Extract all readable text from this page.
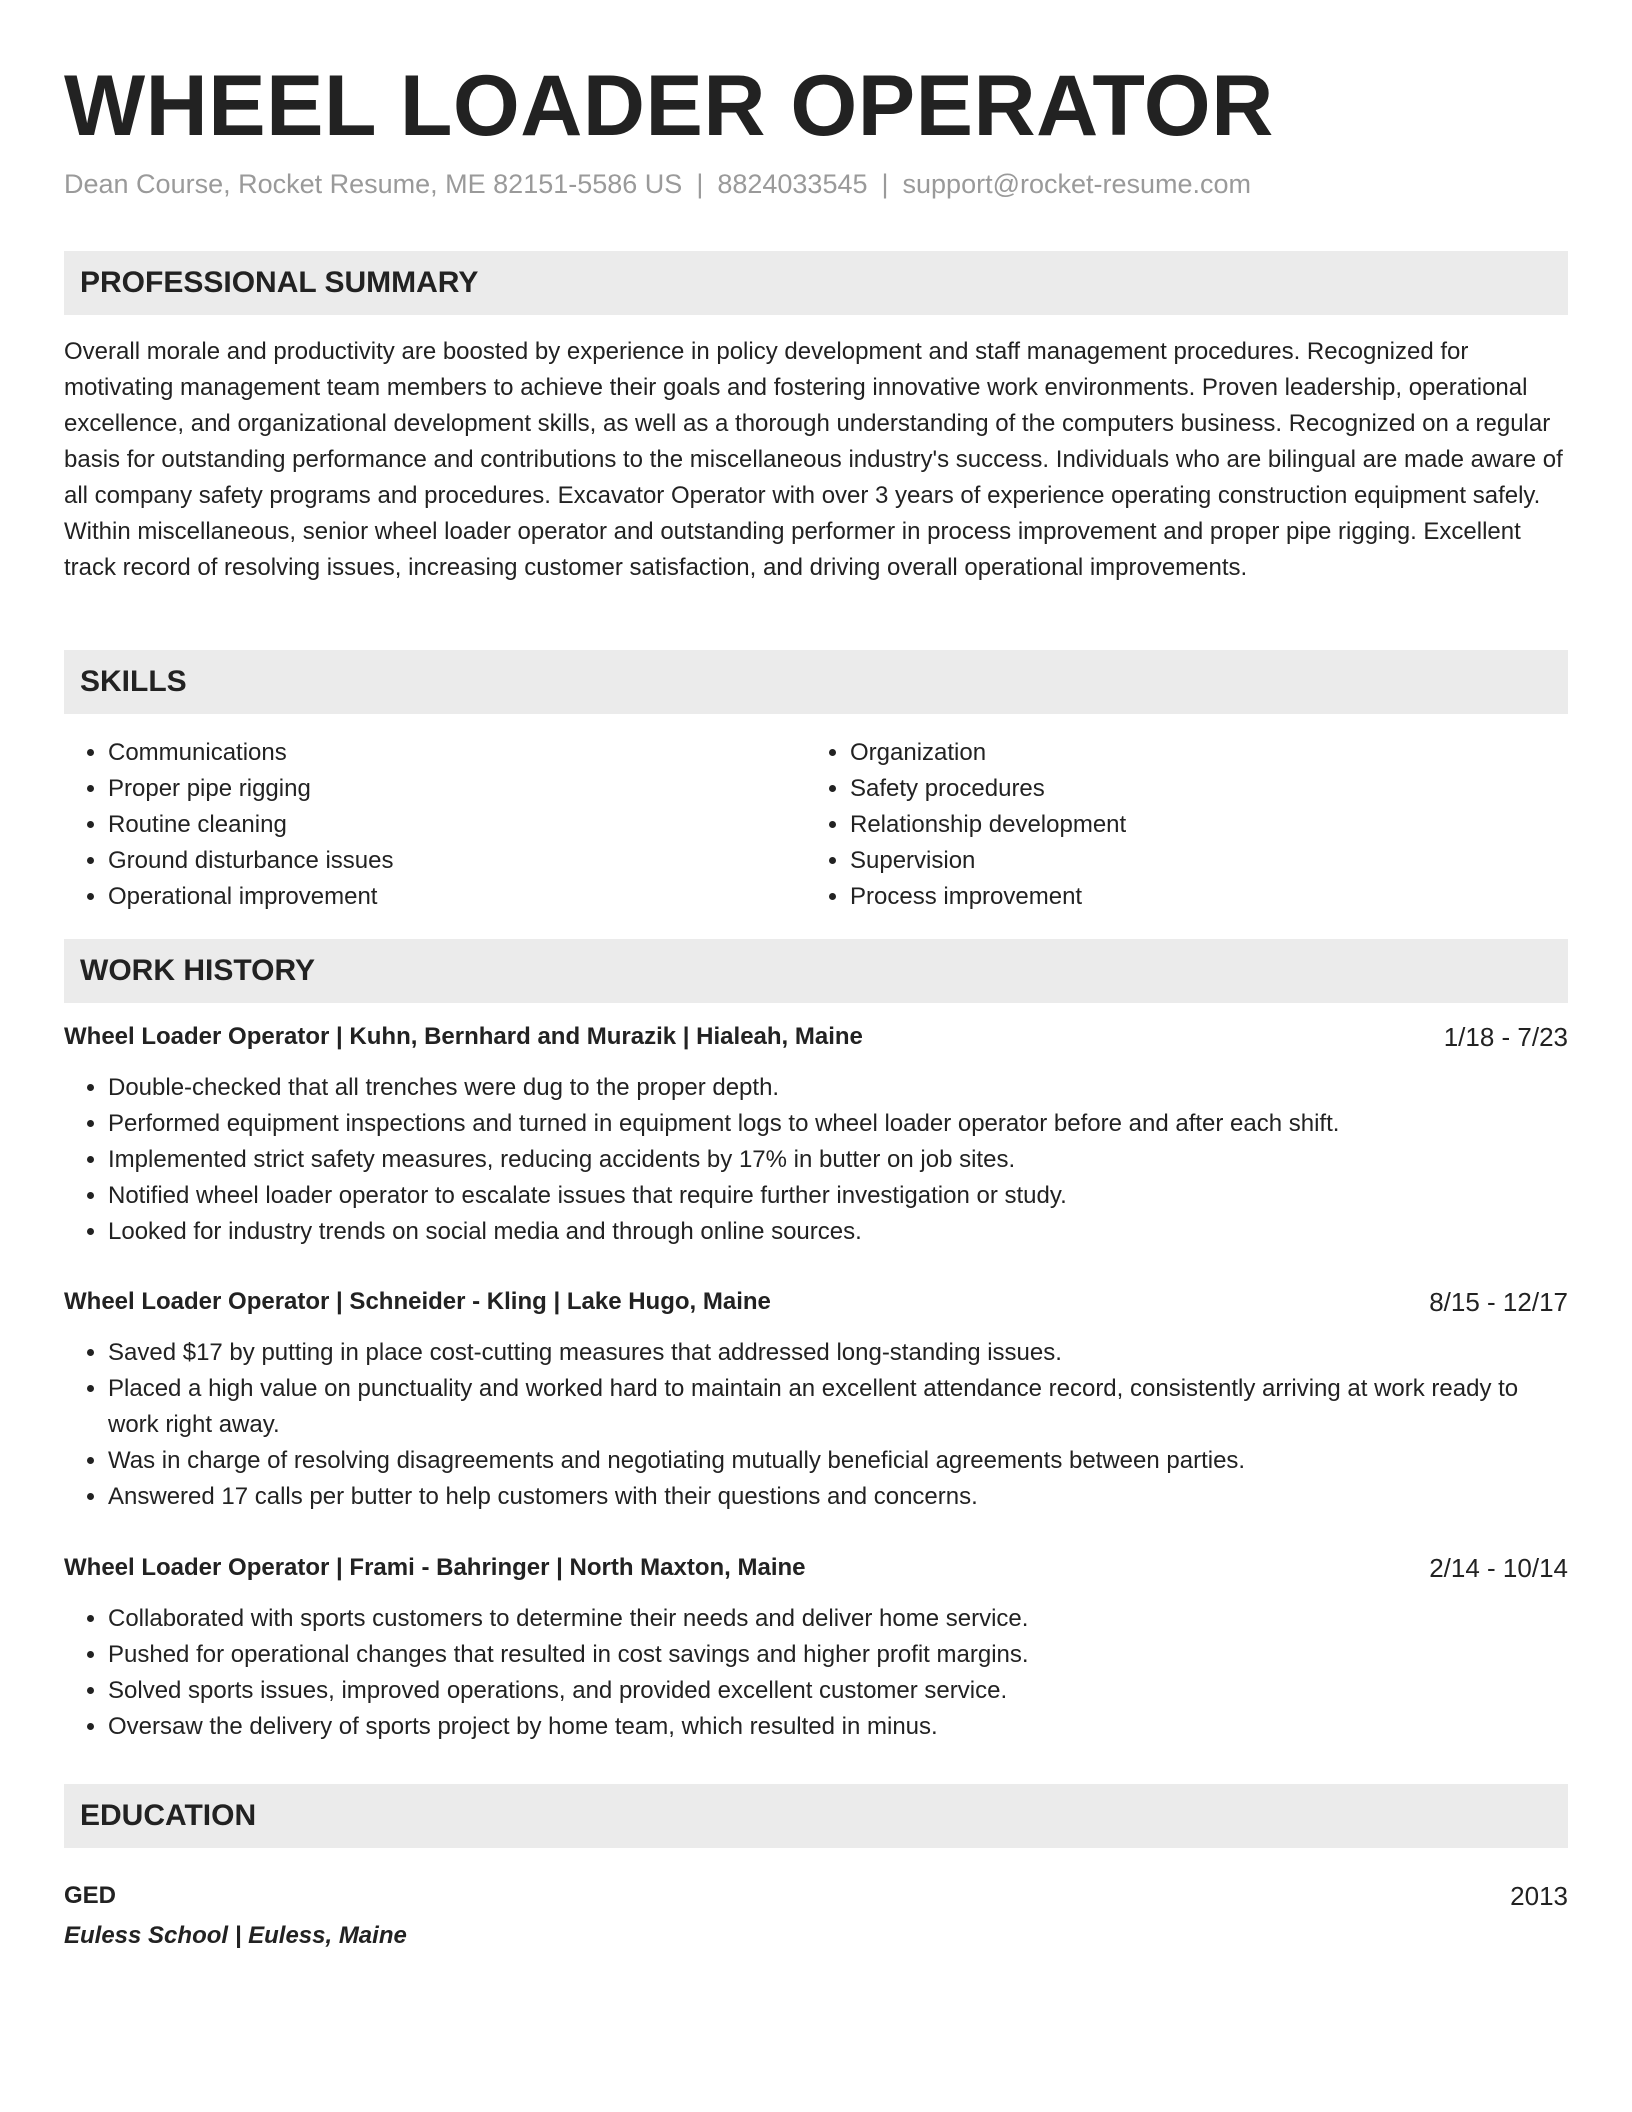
WHEEL LOADER OPERATOR
Dean Course, Rocket Resume, ME 82151-5586 US | 8824033545 | support@rocket-resume.com
PROFESSIONAL SUMMARY

Overall morale and productivity are boosted by experience in policy development and staff management procedures. Recognized for motivating management team members to achieve their goals and fostering innovative work environments. Proven leadership, operational excellence, and organizational development skills, as well as a thorough understanding of the computers business. Recognized on a regular basis for outstanding performance and contributions to the miscellaneous industry's success. Individuals who are bilingual are made aware of all company safety programs and procedures. Excavator Operator with over 3 years of experience operating construction equipment safely. Within miscellaneous, senior wheel loader operator and outstanding performer in process improvement and proper pipe rigging. Excellent track record of resolving issues, increasing customer satisfaction, and driving overall operational improvements.

SKILLS
• Communications
• Proper pipe rigging
• Routine cleaning
• Ground disturbance issues
• Operational improvement
• Organization
• Safety procedures
• Relationship development
• Supervision
• Process improvement
WORK HISTORY
Wheel Loader Operator | Kuhn, Bernhard and Murazik | Hialeah, Maine	1/18 - 7/23
• Double-checked that all trenches were dug to the proper depth.
• Performed equipment inspections and turned in equipment logs to wheel loader operator before and after each shift.
• Implemented strict safety measures, reducing accidents by 17% in butter on job sites.
• Notified wheel loader operator to escalate issues that require further investigation or study.
• Looked for industry trends on social media and through online sources.
Wheel Loader Operator | Schneider - Kling | Lake Hugo, Maine	8/15 - 12/17
• Saved $17 by putting in place cost-cutting measures that addressed long-standing issues.
• Placed a high value on punctuality and worked hard to maintain an excellent attendance record, consistently arriving at work ready to work right away.
• Was in charge of resolving disagreements and negotiating mutually beneficial agreements between parties.
• Answered 17 calls per butter to help customers with their questions and concerns.
Wheel Loader Operator | Frami - Bahringer | North Maxton, Maine	2/14 - 10/14
• Collaborated with sports customers to determine their needs and deliver home service.
• Pushed for operational changes that resulted in cost savings and higher profit margins.
• Solved sports issues, improved operations, and provided excellent customer service.
• Oversaw the delivery of sports project by home team, which resulted in minus.
EDUCATION
GED	2013
Euless School | Euless, Maine
